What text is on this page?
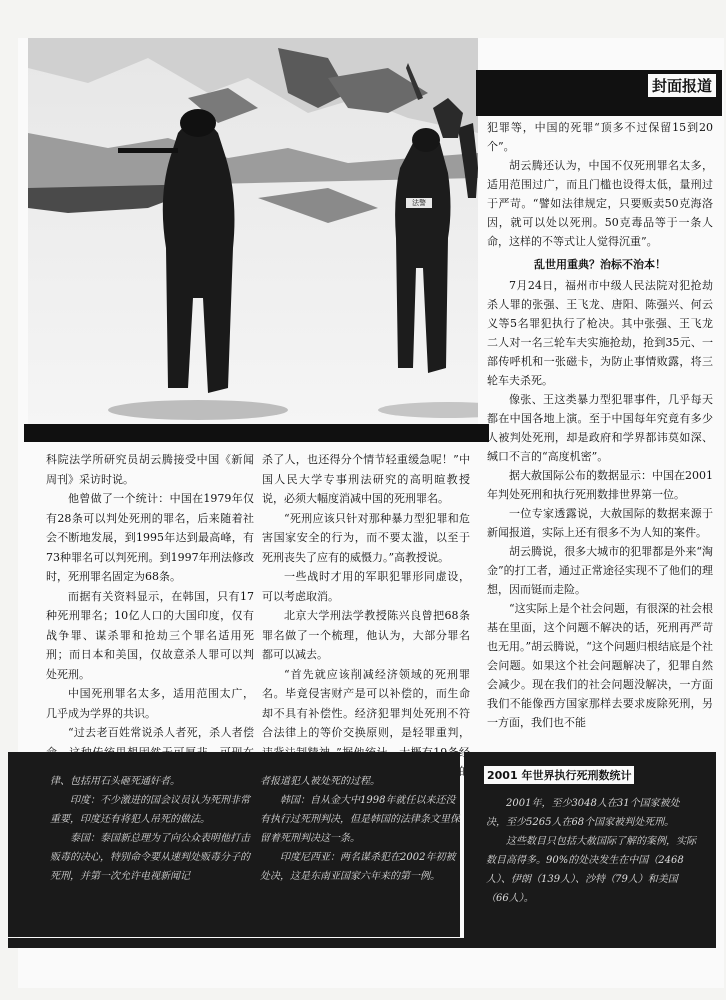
法警
封面报道

犯罪等，中国的死罪“顶多不过保留15到20个”。

胡云腾还认为，中国不仅死刑罪名太多，适用范围过广，而且门槛也设得太低，量刑过于严苛。“譬如法律规定，只要贩卖50克海洛因，就可以处以死刑。50克毒品等于一条人命，这样的不等式让人觉得沉重”。

乱世用重典？治标不治本！

7月24日，福州市中级人民法院对犯抢劫杀人罪的张强、王飞龙、唐阳、陈强兴、何云义等5名罪犯执行了枪决。其中张强、王飞龙二人对一名三轮车夫实施抢劫，抢到35元、一部传呼机和一张磁卡，为防止事情败露，将三轮车夫杀死。

像张、王这类暴力型犯罪事件，几乎每天都在中国各地上演。至于中国每年究竟有多少人被判处死刑，却是政府和学界都讳莫如深、缄口不言的“高度机密”。

据大赦国际公布的数据显示：中国在2001年判处死刑和执行死刑数排世界第一位。

一位专家透露说，大赦国际的数据来源于新闻报道，实际上还有很多不为人知的案件。

胡云腾说，很多大城市的犯罪都是外来“淘金”的打工者，通过正常途径实现不了他们的理想，因而铤而走险。

“这实际上是个社会问题，有很深的社会根基在里面，这个问题不解决的话，死刑再严苛也无用。”胡云腾说，“这个问题归根结底是个社会问题。如果这个社会问题解决了，犯罪自然会减少。现在我们的社会问题没解决，一方面我们不能像西方国家那样去要求废除死刑，另一方面，我们也不能

科院法学所研究员胡云腾接受中国《新闻周刊》采访时说。

他曾做了一个统计：中国在1979年仅有28条可以判处死刑的罪名，后来随着社会不断地发展，到1995年达到最高峰，有73种罪名可以判死刑。到1997年刑法修改时，死刑罪名固定为68条。

而据有关资料显示，在韩国，只有17种死刑罪名；10亿人口的大国印度，仅有战争罪、谋杀罪和抢劫三个罪名适用死刑；而日本和美国，仅故意杀人罪可以判处死刑。

中国死刑罪名太多，适用范围太广，几乎成为学界的共识。

“过去老百姓常说杀人者死，杀人者偿

杀了人，也还得分个情节轻重缓急呢！”中国人民大学专事刑法研究的高明暄教授说，必须大幅度消减中国的死刑罪名。

“死刑应该只针对那种暴力型犯罪和危害国家安全的行为，而不要太滥，以至于死刑丧失了应有的威慑力。”高教授说。

一些战时才用的军职犯罪形同虚设，可以考虑取消。

北京大学刑法学教授陈兴良曾把68条罪名做了一个梳理，他认为，大部分罪名都可以减去。

“首先就应该削减经济领域的死刑罪名。毕竟侵害财产是可以补偿的，而生命却不具有补偿性。经济犯罪判处死刑不符合法律上的等价交换原则，是轻罪重判，

律、包括用石头砸死通奸者。

印度：不少激进的国会议员认为死刑非常重要，印度还有将犯人吊死的做法。

泰国：泰国新总理为了向公众表明他打击贩毒的决心，特别命令要从速判处贩毒分子的死刑，并第一次允许电视新闻记

者报道犯人被处死的过程。

韩国：自从金大中1998年就任以来还没有执行过死刑判决，但是韩国的法律条文里保留着死刑判决这一条。

印度尼西亚：两名谋杀犯在2002年初被处决，这是东南亚国家六年来的第一例。

2001 年世界执行死刑数统计

2001年，至少3048人在31个国家被处决，至少5265人在68个国家被判处死刑。

这些数目只包括大赦国际了解的案例，实际数目高得多。90%的处决发生在中国（2468人）、伊朗（139人）、沙特（79人）和美国（66人）。
